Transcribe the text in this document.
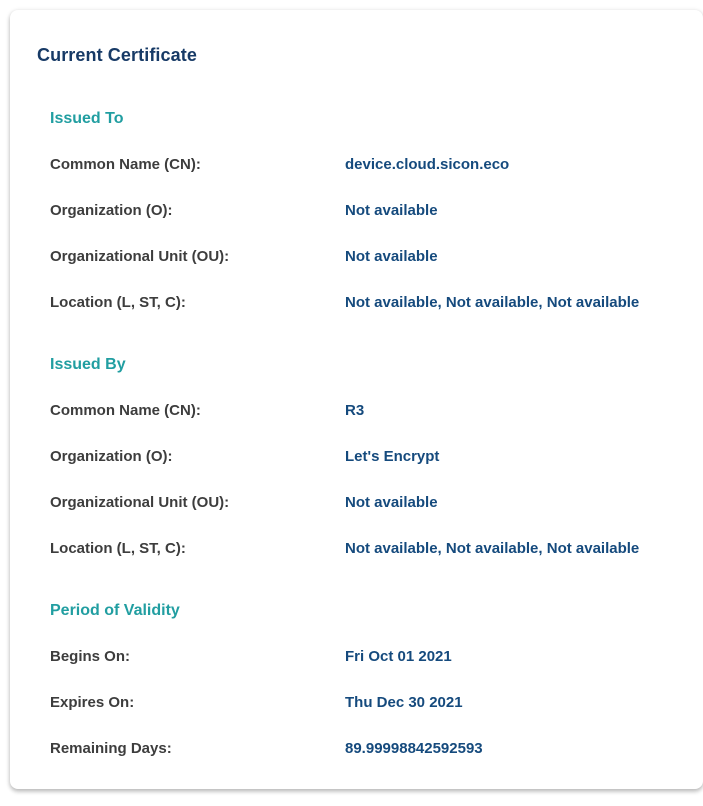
Current Certificate
Issued To
Common Name (CN):	device.cloud.sicon.eco
Organization (O):	Not available
Organizational Unit (OU):	Not available
Location (L, ST, C):	Not available, Not available, Not available
Issued By
Common Name (CN):	R3
Organization (O):	Let's Encrypt
Organizational Unit (OU):	Not available
Location (L, ST, C):	Not available, Not available, Not available
Period of Validity
Begins On:	Fri Oct 01 2021
Expires On:	Thu Dec 30 2021
Remaining Days:	89.99998842592593
